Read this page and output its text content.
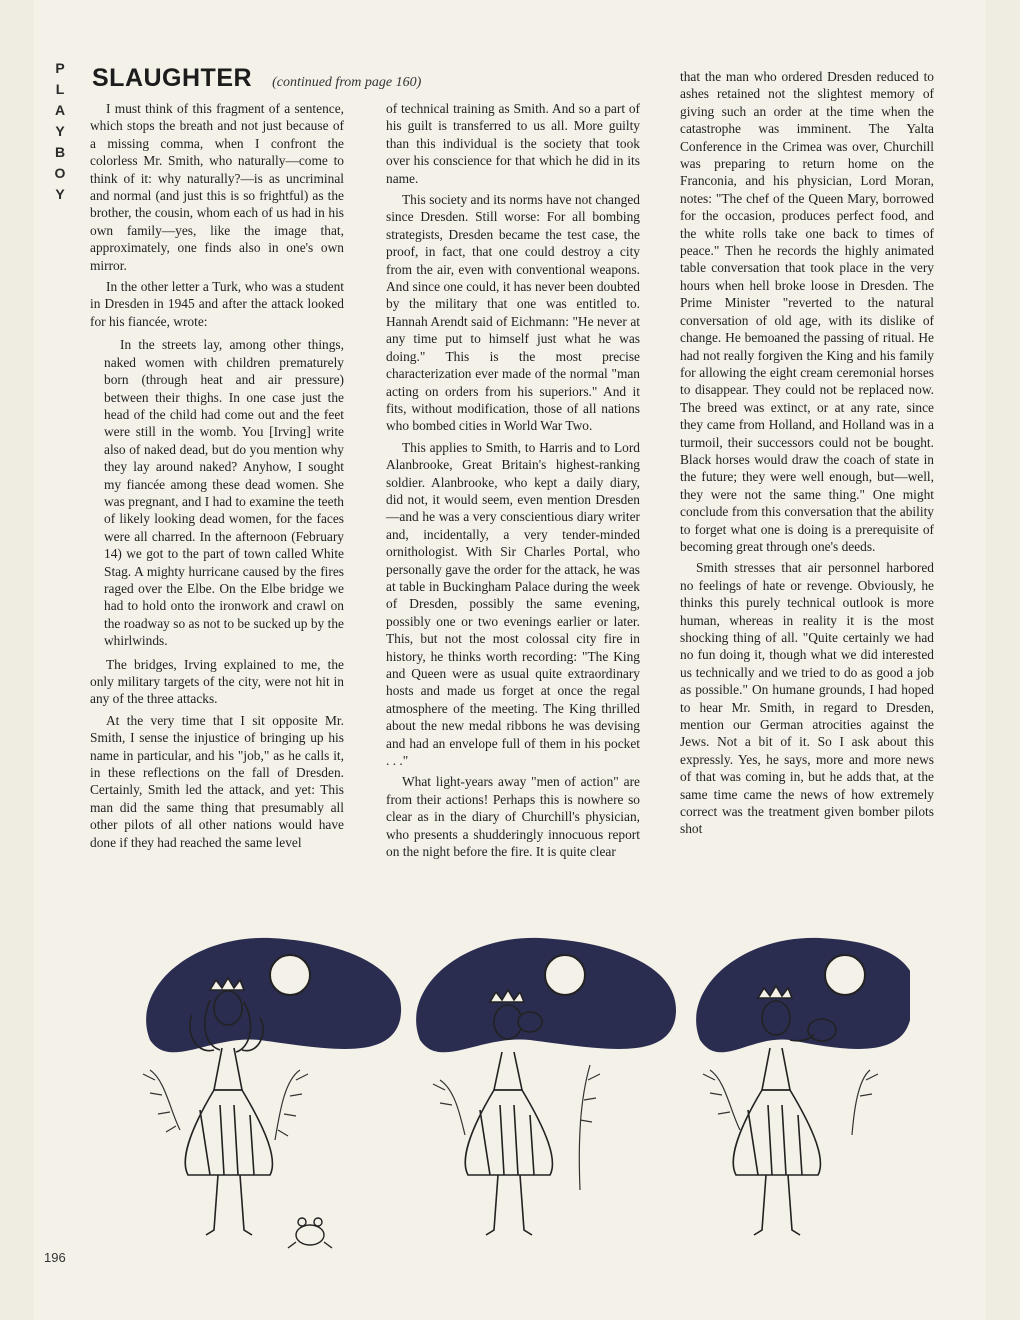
P
L
A
Y
B
O
Y
SLAUGHTER (continued from page 160)

I must think of this fragment of a sentence, which stops the breath and not just because of a missing comma, when I confront the colorless Mr. Smith, who naturally—come to think of it: why naturally?—is as uncriminal and normal (and just this is so frightful) as the brother, the cousin, whom each of us had in his own family—yes, like the image that, approximately, one finds also in one's own mirror.

In the other letter a Turk, who was a student in Dresden in 1945 and after the attack looked for his fiancée, wrote:

In the streets lay, among other things, naked women with children prematurely born (through heat and air pressure) between their thighs. In one case just the head of the child had come out and the feet were still in the womb. You [Irving] write also of naked dead, but do you mention why they lay around naked? Anyhow, I sought my fiancée among these dead women. She was pregnant, and I had to examine the teeth of likely looking dead women, for the faces were all charred. In the afternoon (February 14) we got to the part of town called White Stag. A mighty hurricane caused by the fires raged over the Elbe. On the Elbe bridge we had to hold onto the ironwork and crawl on the roadway so as not to be sucked up by the whirlwinds.

The bridges, Irving explained to me, the only military targets of the city, were not hit in any of the three attacks.

At the very time that I sit opposite Mr. Smith, I sense the injustice of bringing up his name in particular, and his "job," as he calls it, in these reflections on the fall of Dresden. Certainly, Smith led the attack, and yet: This man did the same thing that presumably all other pilots of all other nations would have done if they had reached the same level

of technical training as Smith. And so a part of his guilt is transferred to us all. More guilty than this individual is the society that took over his conscience for that which he did in its name.

This society and its norms have not changed since Dresden. Still worse: For all bombing strategists, Dresden became the test case, the proof, in fact, that one could destroy a city from the air, even with conventional weapons. And since one could, it has never been doubted by the military that one was entitled to. Hannah Arendt said of Eichmann: "He never at any time put to himself just what he was doing." This is the most precise characterization ever made of the normal "man acting on orders from his superiors." And it fits, without modification, those of all nations who bombed cities in World War Two.

This applies to Smith, to Harris and to Lord Alanbrooke, Great Britain's highest-ranking soldier. Alanbrooke, who kept a daily diary, did not, it would seem, even mention Dresden—and he was a very conscientious diary writer and, incidentally, a very tender-minded ornithologist. With Sir Charles Portal, who personally gave the order for the attack, he was at table in Buckingham Palace during the week of Dresden, possibly the same evening, possibly one or two evenings earlier or later. This, but not the most colossal city fire in history, he thinks worth recording: "The King and Queen were as usual quite extraordinary hosts and made us forget at once the regal atmosphere of the meeting. The King thrilled about the new medal ribbons he was devising and had an envelope full of them in his pocket . . ."

What light-years away "men of action" are from their actions! Perhaps this is nowhere so clear as in the diary of Churchill's physician, who presents a shudderingly innocuous report on the night before the fire. It is quite clear

that the man who ordered Dresden reduced to ashes retained not the slightest memory of giving such an order at the time when the catastrophe was imminent. The Yalta Conference in the Crimea was over, Churchill was preparing to return home on the Franconia, and his physician, Lord Moran, notes: "The chef of the Queen Mary, borrowed for the occasion, produces perfect food, and the white rolls take one back to times of peace." Then he records the highly animated table conversation that took place in the very hours when hell broke loose in Dresden. The Prime Minister "reverted to the natural conversation of old age, with its dislike of change. He bemoaned the passing of ritual. He had not really forgiven the King and his family for allowing the eight cream ceremonial horses to disappear. They could not be replaced now. The breed was extinct, or at any rate, since they came from Holland, and Holland was in a turmoil, their successors could not be bought. Black horses would draw the coach of state in the future; they were well enough, but—well, they were not the same thing." One might conclude from this conversation that the ability to forget what one is doing is a prerequisite of becoming great through one's deeds.

Smith stresses that air personnel harbored no feelings of hate or revenge. Obviously, he thinks this purely technical outlook is more human, whereas in reality it is the most shocking thing of all. "Quite certainly we had no fun doing it, though what we did interested us technically and we tried to do as good a job as possible." On humane grounds, I had hoped to hear Mr. Smith, in regard to Dresden, mention our German atrocities against the Jews. Not a bit of it. So I ask about this expressly. Yes, he says, more and more news of that was coming in, but he adds that, at the same time came the news of how extremely correct was the treatment given bomber pilots shot

196
